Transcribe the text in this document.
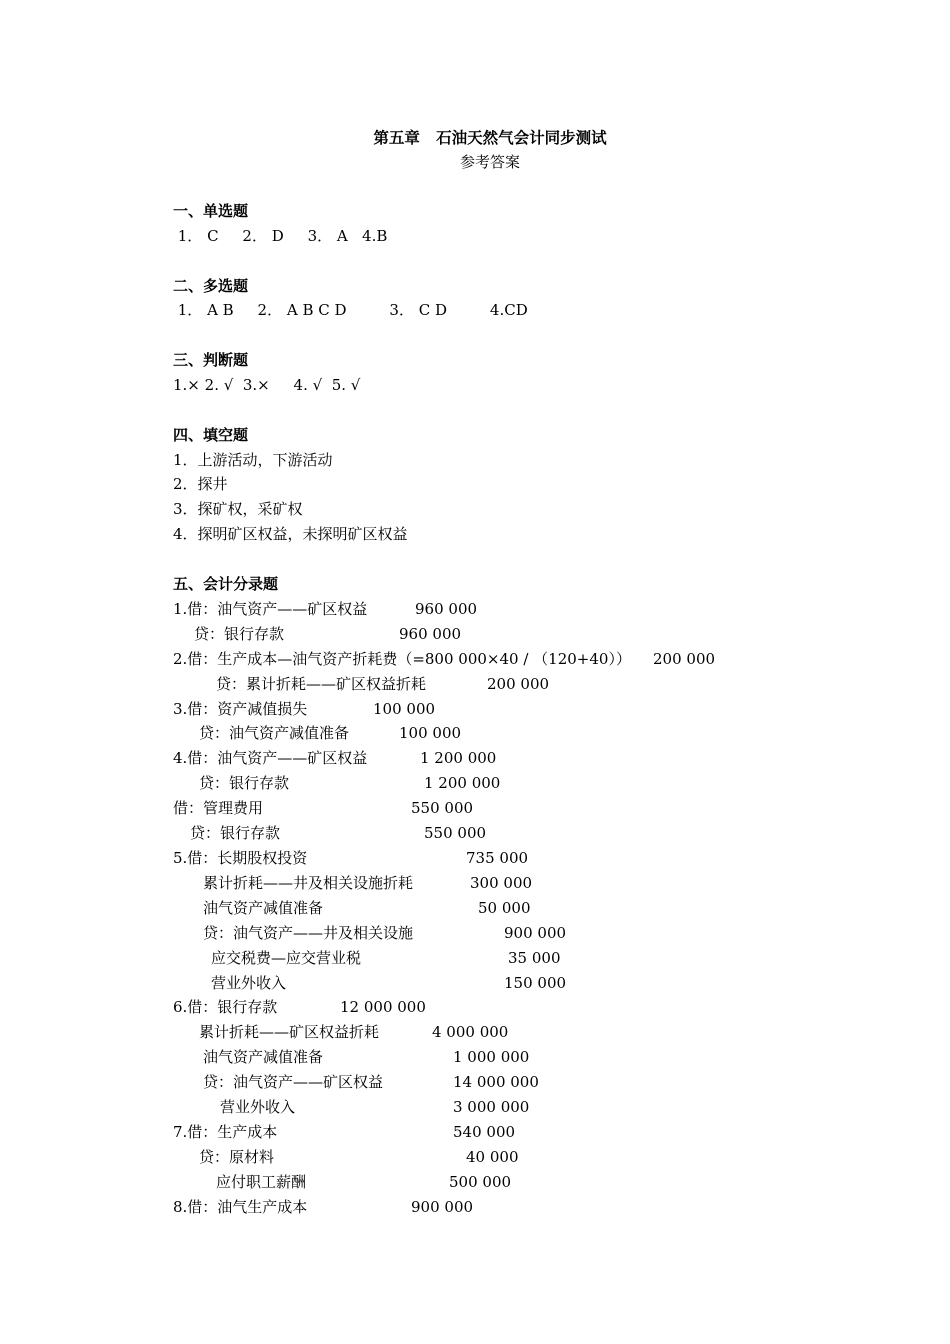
第五章   石油天然气会计同步测试
参考答案
一、单选题
1． C     2． D     3． A   4.B
二、多选题
1． A B     2． A B C D         3． C D         4.CD
三、判断题
1.× 2. √  3.×     4. √  5. √
四、填空题
1．上游活动，下游活动
2．探井
3．探矿权，采矿权
4．探明矿区权益，未探明矿区权益
五、会计分录题
1.借：油气资产——矿区权益	960 000
贷：银行存款	960 000
2.借：生产成本—油气资产折耗费（=800 000×40 / （120+40）） 200 000
贷：累计折耗——矿区权益折耗	200 000
3.借：资产减值损失	100 000
贷：油气资产减值准备	100 000
4.借：油气资产——矿区权益	1 200 000
贷：银行存款	1 200 000
借：管理费用	550 000
贷：银行存款	550 000
5.借：长期股权投资	735 000
累计折耗——井及相关设施折耗	300 000
油气资产减值准备	50 000
贷：油气资产——井及相关设施	900 000
应交税费—应交营业税	35 000
营业外收入	150 000
6.借：银行存款	12 000 000
累计折耗——矿区权益折耗	4 000 000
油气资产减值准备	1 000 000
贷：油气资产——矿区权益	14 000 000
营业外收入	3 000 000
7.借：生产成本	540 000
贷：原材料	40 000
应付职工薪酬	500 000
8.借：油气生产成本	900 000
